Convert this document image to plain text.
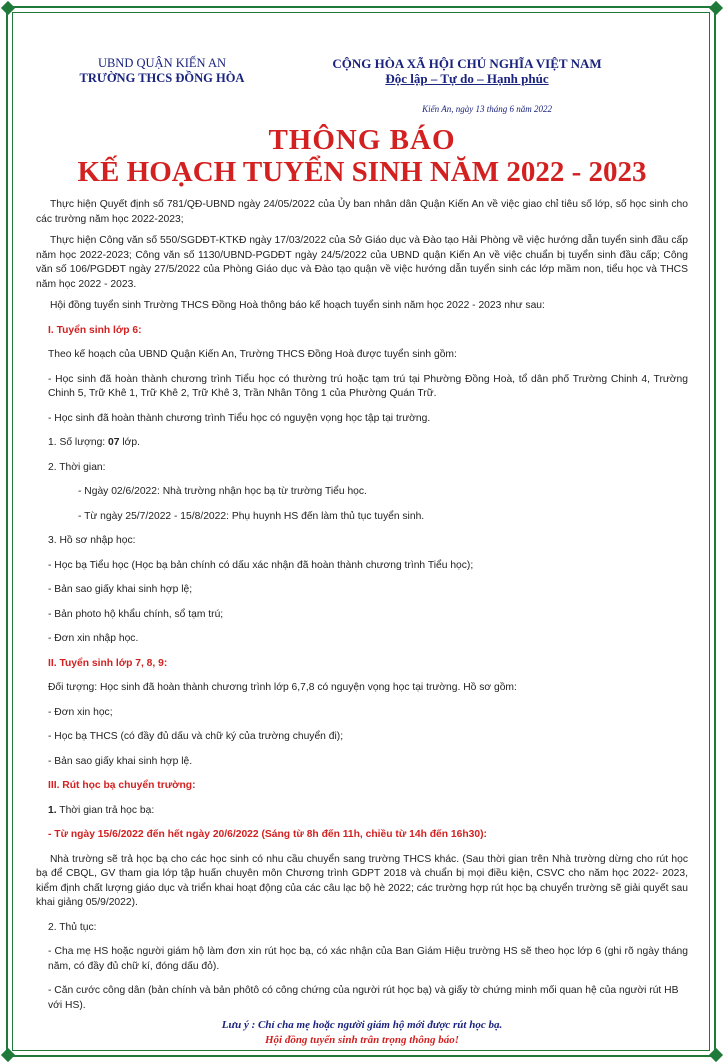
UBND QUẬN KIẾN AN
TRƯỜNG THCS ĐỒNG HÒA
CỘNG HÒA XÃ HỘI CHỦ NGHĨA VIỆT NAM
Độc lập – Tự do – Hạnh phúc
Kiến An, ngày 13 tháng 6 năm 2022
THÔNG BÁO
KẾ HOẠCH TUYỂN SINH NĂM 2022 - 2023

Thực hiện Quyết định số 781/QĐ-UBND ngày 24/05/2022 của Ủy ban nhân dân Quận Kiến An về việc giao chỉ tiêu số lớp, số học sinh cho các trường năm học 2022-2023;

Thực hiện Công văn số 550/SGDĐT-KTKĐ ngày 17/03/2022 của Sở Giáo dục và Đào tạo Hải Phòng về việc hướng dẫn tuyển sinh đầu cấp năm học 2022-2023; Công văn số 1130/UBND-PGDĐT ngày 24/5/2022 của UBND quận Kiến An về việc chuẩn bị tuyển sinh đầu cấp; Công văn số 106/PGDĐT ngày 27/5/2022 của Phòng Giáo dục và Đào tạo quận về việc hướng dẫn tuyển sinh các lớp mầm non, tiểu học và THCS năm học 2022 - 2023.

Hội đồng tuyển sinh Trường THCS Đồng Hoà thông báo kế hoạch tuyển sinh năm học 2022 - 2023 như sau:

I. Tuyển sinh lớp 6:
Theo kế hoạch của UBND Quận Kiến An, Trường THCS Đồng Hoà được tuyển sinh gồm:
- Học sinh đã hoàn thành chương trình Tiểu học có thường trú hoặc tạm trú tại Phường Đồng Hoà, tổ dân phố Trường Chinh 4, Trường Chinh 5, Trữ Khê 1, Trữ Khê 2, Trữ Khê 3, Trần Nhân Tông 1 của Phường Quán Trữ.
- Học sinh đã hoàn thành chương trình Tiểu học có nguyện vọng học tập tại trường.
1. Số lượng: 07 lớp.
2. Thời gian:
- Ngày 02/6/2022: Nhà trường nhận học bạ từ trường Tiểu học.
- Từ ngày 25/7/2022 - 15/8/2022: Phụ huynh HS đến làm thủ tục tuyển sinh.
3. Hồ sơ nhập học:
- Học bạ Tiểu học (Học bạ bản chính có dấu xác nhận đã hoàn thành chương trình Tiểu học);
- Bản sao giấy khai sinh hợp lệ;
- Bản photo hộ khẩu chính, sổ tạm trú;
- Đơn xin nhập học.
II. Tuyển sinh lớp 7, 8, 9:
Đối tượng: Học sinh đã hoàn thành chương trình lớp 6,7,8 có nguyện vọng học tại trường. Hồ sơ gồm:
- Đơn xin học;
- Học bạ THCS (có đầy đủ dấu và chữ ký của trường chuyển đi);
- Bản sao giấy khai sinh hợp lệ.
III. Rút học bạ chuyển trường:
1. Thời gian trả học bạ:
- Từ ngày 15/6/2022 đến hết ngày 20/6/2022 (Sáng từ 8h đến 11h, chiều từ 14h đến 16h30):

Nhà trường sẽ trả học bạ cho các học sinh có nhu cầu chuyển sang trường THCS khác. (Sau thời gian trên Nhà trường dừng cho rút học bạ để CBQL, GV tham gia lớp tập huấn chuyên môn Chương trình GDPT 2018 và chuẩn bị mọi điều kiện, CSVC cho năm học 2022- 2023, kiểm định chất lượng giáo dục và triển khai hoạt động của các câu lạc bộ hè 2022; các trường hợp rút học bạ chuyển trường sẽ giải quyết sau khai giảng 05/9/2022).

2. Thủ tục:
- Cha mẹ HS hoặc người giám hộ làm đơn xin rút học bạ, có xác nhận của Ban Giám Hiệu trường HS sẽ theo học lớp 6 (ghi rõ ngày tháng năm, có đầy đủ chữ kí, đóng dấu đỏ).
- Căn cước công dân (bản chính và bản phôtô có công chứng của người rút học bạ) và giấy tờ chứng minh mối quan hệ của người rút HB với HS).
Lưu ý : Chỉ cha mẹ hoặc người giám hộ mới được rút học bạ.
Hội đồng tuyển sinh trân trọng thông báo!
